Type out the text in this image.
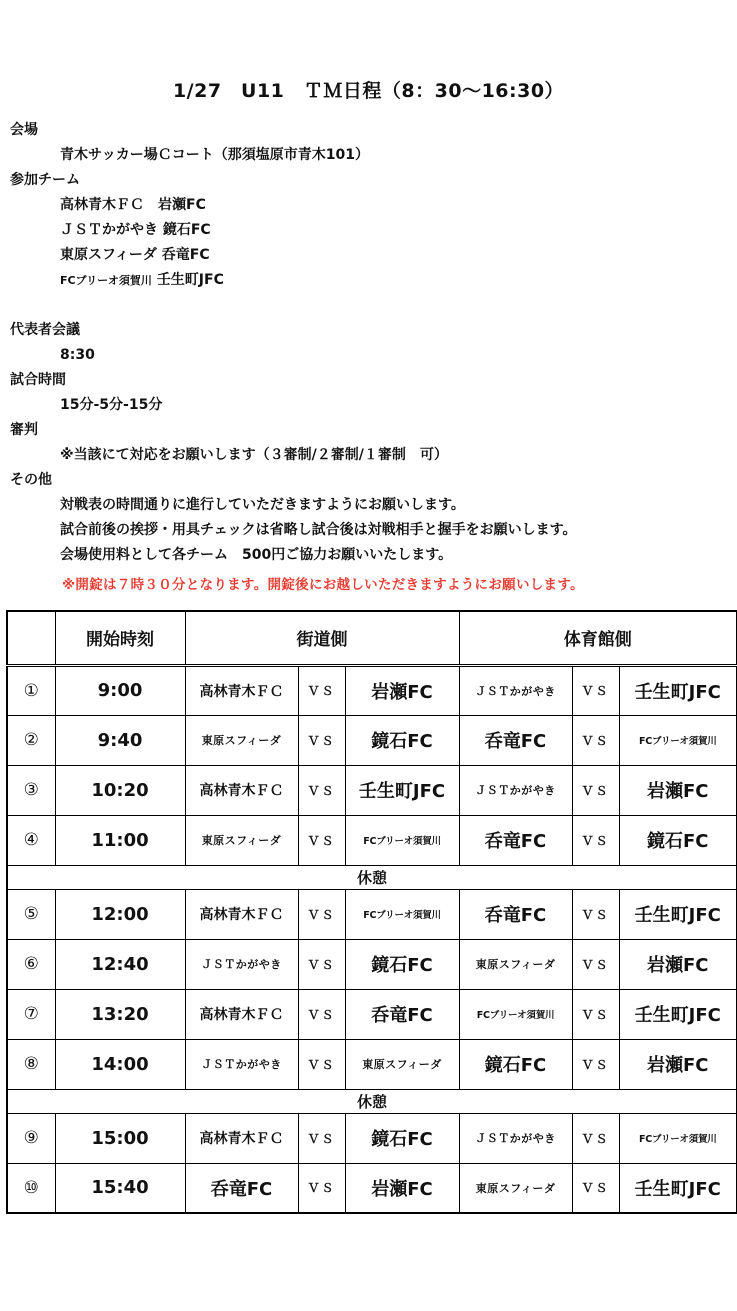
1/27　U11　ＴＭ日程（8：30～16:30）
会場
青木サッカー場Ｃコート（那須塩原市青木101）
参加チーム
高林青木ＦＣ　岩瀬FC
ＪＳＴかがやき 鏡石FC
東原スフィーダ 呑竜FC
FCブリーオ須賀川 壬生町JFC
代表者会議
8:30
試合時間
15分-5分-15分
審判
※当該にて対応をお願いします（３審制/２審制/１審制　可）
その他
対戦表の時間通りに進行していただきますようにお願いします。
試合前後の挨拶・用具チェックは省略し試合後は対戦相手と握手をお願いします。
会場使用料として各チーム　500円ご協力お願いいたします。
※開錠は７時３０分となります。開錠後にお越しいただきますようにお願いします。
	開始時刻	街道側			体育館側		
①	9:00	高林青木ＦＣ	ＶＳ	岩瀬FC	ＪＳＴかがやき	ＶＳ	壬生町JFC
②	9:40	東原スフィーダ	ＶＳ	鏡石FC	呑竜FC	ＶＳ	FCブリーオ須賀川
③	10:20	高林青木ＦＣ	ＶＳ	壬生町JFC	ＪＳＴかがやき	ＶＳ	岩瀬FC
④	11:00	東原スフィーダ	ＶＳ	FCブリーオ須賀川	呑竜FC	ＶＳ	鏡石FC
休憩							
⑤	12:00	高林青木ＦＣ	ＶＳ	FCブリーオ須賀川	呑竜FC	ＶＳ	壬生町JFC
⑥	12:40	ＪＳＴかがやき	ＶＳ	鏡石FC	東原スフィーダ	ＶＳ	岩瀬FC
⑦	13:20	高林青木ＦＣ	ＶＳ	呑竜FC	FCブリーオ須賀川	ＶＳ	壬生町JFC
⑧	14:00	ＪＳＴかがやき	ＶＳ	東原スフィーダ	鏡石FC	ＶＳ	岩瀬FC
休憩							
⑨	15:00	高林青木ＦＣ	ＶＳ	鏡石FC	ＪＳＴかがやき	ＶＳ	FCブリーオ須賀川
⑩	15:40	呑竜FC	ＶＳ	岩瀬FC	東原スフィーダ	ＶＳ	壬生町JFC
